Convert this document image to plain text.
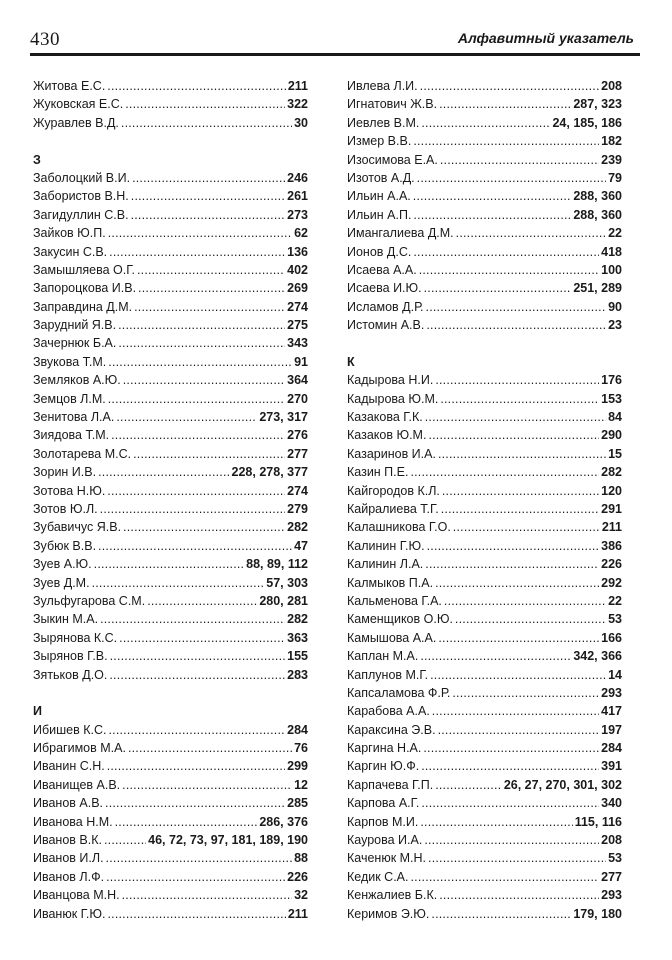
430	Алфавитный указатель
Житова Е.С. .....	211
Жуковская Е.С. .....	322
Журавлев В.Д. .....	30
З
Заболоцкий В.И. .....	246
Забористов В.Н. .....	261
Загидуллин С.В. .....	273
Зайков Ю.П. .....	62
Закусин С.В. .....	136
Замышляева О.Г. .....	402
Запороцкова И.В. .....	269
Заправдина Д.М. .....	274
Зарудний Я.В. .....	275
Зачернюк Б.А. .....	343
Звукова Т.М. .....	91
Земляков А.Ю. .....	364
Земцов Л.М. .....	270
Зенитова Л.А. .....	273, 317
Зиядова Т.М. .....	276
Золотарева М.С. .....	277
Зорин И.В. .....	228, 278, 377
Зотова Н.Ю. .....	274
Зотов Ю.Л. .....	279
Зубавичус Я.В. .....	282
Зубюк В.В. .....	47
Зуев А.Ю. .....	88, 89, 112
Зуев Д.М. .....	57, 303
Зульфугарова С.М. .....	280, 281
Зыкин М.А. .....	282
Зырянова К.С. .....	363
Зырянов Г.В. .....	155
Зятьков Д.О. .....	283
И
Ибишев К.С. .....	284
Ибрагимов М.А. .....	76
Иванин С.Н. .....	299
Иванищев А.В. .....	12
Иванов А.В. .....	285
Иванова Н.М. .....	286, 376
Иванов В.К. .....	46, 72, 73, 97, 181, 189, 190
Иванов И.Л. .....	88
Иванов Л.Ф. .....	226
Иванцова М.Н. .....	32
Иванюк Г.Ю. .....	211
Ивлева Л.И. .....	208
Игнатович Ж.В. .....	287, 323
Иевлев В.М. .....	24, 185, 186
Измер В.В. .....	182
Изосимова Е.А. .....	239
Изотов А.Д. .....	79
Ильин А.А. .....	288, 360
Ильин А.П. .....	288, 360
Имангалиева Д.М. .....	22
Ионов Д.С. .....	418
Исаева А.А. .....	100
Исаева И.Ю. .....	251, 289
Исламов Д.Р. .....	90
Истомин А.В. .....	23
К
Кадырова Н.И. .....	176
Кадырова Ю.М. .....	153
Казакова Г.К. .....	84
Казаков Ю.М. .....	290
Казаринов И.А. .....	15
Казин П.Е. .....	282
Кайгородов К.Л. .....	120
Кайралиева Т.Г. .....	291
Калашникова Г.О. .....	211
Калинин Г.Ю. .....	386
Калинин Л.А. .....	226
Калмыков П.А. .....	292
Кальменова Г.А. .....	22
Каменщиков О.Ю. .....	53
Камышова А.А. .....	166
Каплан М.А. .....	342, 366
Каплунов М.Г. .....	14
Капсаламова Ф.Р. .....	293
Карабова А.А. .....	417
Караксина Э.В. .....	197
Каргина Н.А. .....	284
Каргин Ю.Ф. .....	391
Карпачева Г.П. .....	26, 27, 270, 301, 302
Карпова А.Г. .....	340
Карпов М.И. .....	115, 116
Каурова И.А. .....	208
Каченюк М.Н. .....	53
Кедик С.А. .....	277
Кенжалиев Б.К. .....	293
Керимов Э.Ю. .....	179, 180
